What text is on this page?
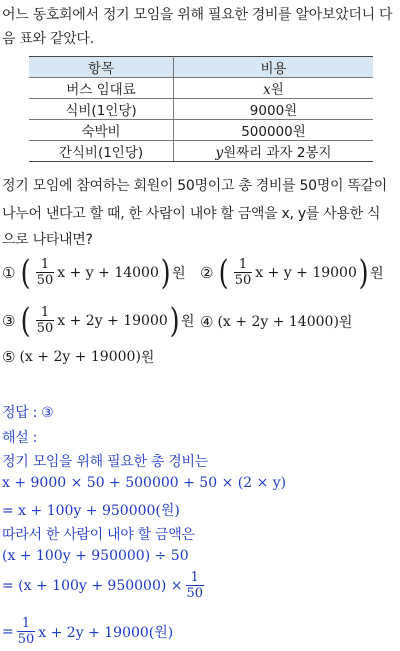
어느 동호회에서 정기 모임을 위해 필요한 경비를 알아보았더니 다
음 표와 같았다.
항목	비용
버스 임대료	x원
식비(1인당)	9000원
숙박비	500000원
간식비(1인당)	y원짜리 과자 2봉지
정기 모임에 참여하는 회원이 50명이고 총 경비를 50명이 똑같이
나누어 낸다고 할 때, 한 사람이 내야 할 금액을 x, y를 사용한 식
으로 나타내면?
① ( $\frac{1}{50}$ x + y + 14000 ) 원 ② ( $\frac{1}{50}$ x + y + 19000 ) 원
③ ( $\frac{1}{50}$ x + 2y + 19000 ) 원 ④ ( x + 2y + 14000 ) 원
⑤ ( x + 2y + 19000 ) 원
정답 : ③
해설 :
정기 모임을 위해 필요한 총 경비는
x + 9000 × 50 + 500000 + 50 × (2 × y)
= x + 100y + 950000(원)
따라서 한 사람이 내야 할 금액은
(x + 100y + 950000) ÷ 50
= $(x + 100y + 950000) \times \frac{1}{50}$
= $\frac{1}{50}$ x + 2y + 19000(원)
